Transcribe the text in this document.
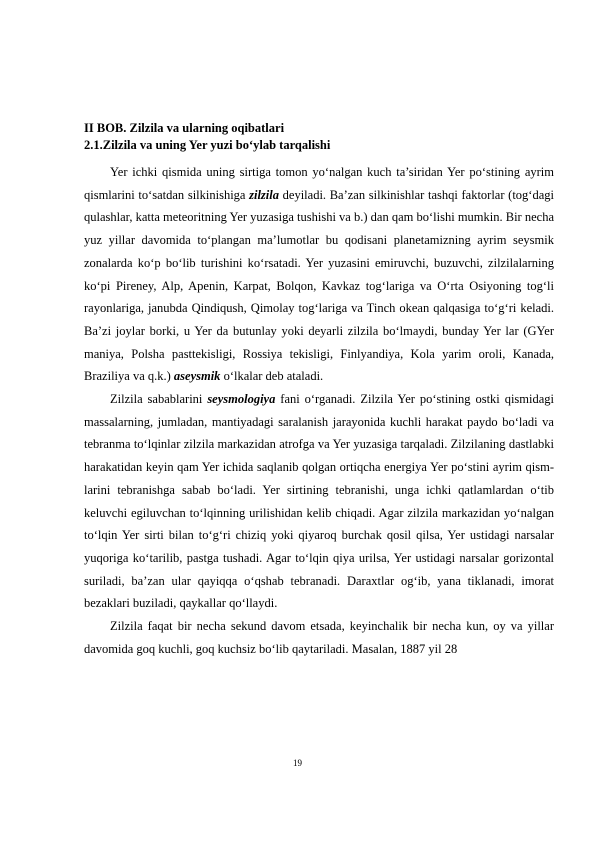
II BOB. Zilzila va ularning oqibatlari
2.1.Zilzila va uning Yer yuzi bo‘ylab tarqalishi

Yer ichki qismida uning sirtiga tomon yo‘nalgan kuch ta’siridan Yer po‘stining ayrim qismlarini to‘satdan silkinishiga zilzila deyiladi. Ba’zan silkinishlar tashqi faktorlar (tog‘dagi qulashlar, katta meteoritning Yer yuzasiga tushishi va b.) dan qam bo‘lishi mumkin. Bir necha yuz yillar davomida to‘plangan ma’lumotlar bu qodisani planetamizning ayrim seysmik zonalarda ko‘p bo‘lib turishini ko‘rsatadi. Yer yuzasini emiruvchi, buzuvchi, zilzilalarning ko‘pi Pireney, Alp, Apenin, Karpat, Bolqon, Kavkaz tog‘lariga va O‘rta Osiyoning tog‘li rayonlariga, janubda Qindiqush, Qimolay tog‘lariga va Tinch okean qalqasiga to‘g‘ri keladi. Ba’zi joylar borki, u Yer da butunlay yoki deyarli zilzila bo‘lmaydi, bunday Yer lar (GYer maniya, Polsha pasttekisligi, Rossiya tekisligi, Finlyandiya, Kola yarim oroli, Kanada, Braziliya va q.k.) aseysmik o‘lkalar deb ataladi.

Zilzila sabablarini seysmologiya fani o‘rganadi. Zilzila Yer po‘stining ostki qismidagi massalarning, jumladan, mantiyadagi saralanish jarayonida kuchli harakat paydo bo‘ladi va tebranma to‘lqinlar zilzila markazidan atrofga va Yer yuzasiga tarqaladi. Zilzilaning dastlabki harakatidan keyin qam Yer ichida saqlanib qolgan ortiqcha energiya Yer po‘stini ayrim qism-larini tebranishga sabab bo‘ladi. Yer sirtining tebranishi, unga ichki qatlamlardan o‘tib keluvchi egiluvchan to‘lqinning urilishidan kelib chiqadi. Agar zilzila markazidan yo‘nalgan to‘lqin Yer sirti bilan to‘g‘ri chiziq yoki qiyaroq burchak qosil qilsa, Yer ustidagi narsalar yuqoriga ko‘tarilib, pastga tushadi. Agar to‘lqin qiya urilsa, Yer ustidagi narsalar gorizontal suriladi, ba’zan ular qayiqqa o‘qshab tebranadi. Daraxtlar og‘ib, yana tiklanadi, imorat bezaklari buziladi, qaykallar qo‘llaydi.

Zilzila faqat bir necha sekund davom etsada, keyinchalik bir necha kun, oy va yillar davomida goq kuchli, goq kuchsiz bo‘lib qaytariladi. Masalan, 1887 yil 28

19
